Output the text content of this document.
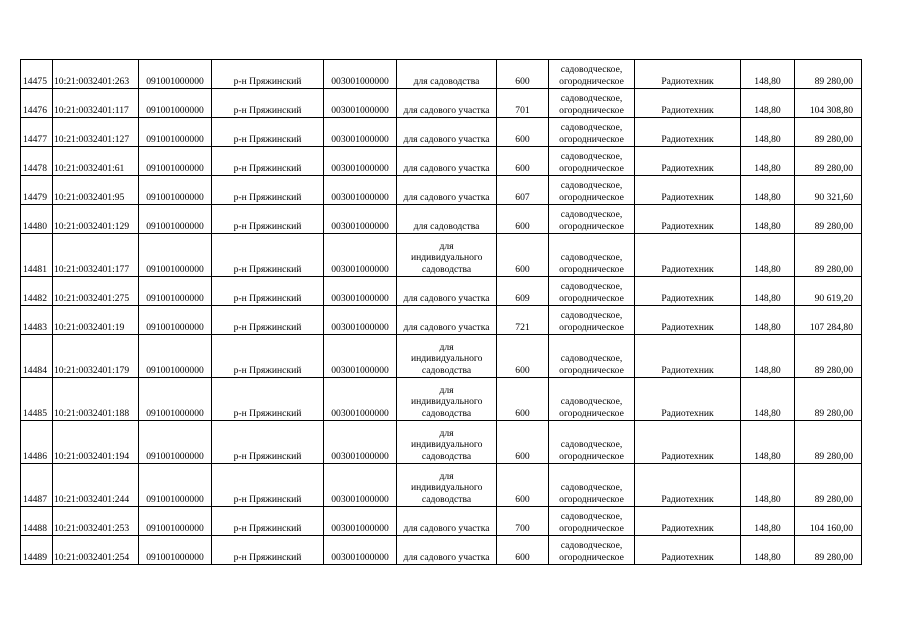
14475	10:21:0032401:263	091001000000	р-н Пряжинский	003001000000	для садоводства	600	садоводческое, огородническое	Радиотехник	148,80	89 280,00
14476	10:21:0032401:117	091001000000	р-н Пряжинский	003001000000	для садового участка	701	садоводческое, огородническое	Радиотехник	148,80	104 308,80
14477	10:21:0032401:127	091001000000	р-н Пряжинский	003001000000	для садового участка	600	садоводческое, огородническое	Радиотехник	148,80	89 280,00
14478	10:21:0032401:61	091001000000	р-н Пряжинский	003001000000	для садового участка	600	садоводческое, огородническое	Радиотехник	148,80	89 280,00
14479	10:21:0032401:95	091001000000	р-н Пряжинский	003001000000	для садового участка	607	садоводческое, огородническое	Радиотехник	148,80	90 321,60
14480	10:21:0032401:129	091001000000	р-н Пряжинский	003001000000	для садоводства	600	садоводческое, огородническое	Радиотехник	148,80	89 280,00
14481	10:21:0032401:177	091001000000	р-н Пряжинский	003001000000	для индивидуального садоводства	600	садоводческое, огородническое	Радиотехник	148,80	89 280,00
14482	10:21:0032401:275	091001000000	р-н Пряжинский	003001000000	для садового участка	609	садоводческое, огородническое	Радиотехник	148,80	90 619,20
14483	10:21:0032401:19	091001000000	р-н Пряжинский	003001000000	для садового участка	721	садоводческое, огородническое	Радиотехник	148,80	107 284,80
14484	10:21:0032401:179	091001000000	р-н Пряжинский	003001000000	для индивидуального садоводства	600	садоводческое, огородническое	Радиотехник	148,80	89 280,00
14485	10:21:0032401:188	091001000000	р-н Пряжинский	003001000000	для индивидуального садоводства	600	садоводческое, огородническое	Радиотехник	148,80	89 280,00
14486	10:21:0032401:194	091001000000	р-н Пряжинский	003001000000	для индивидуального садоводства	600	садоводческое, огородническое	Радиотехник	148,80	89 280,00
14487	10:21:0032401:244	091001000000	р-н Пряжинский	003001000000	для индивидуального садоводства	600	садоводческое, огородническое	Радиотехник	148,80	89 280,00
14488	10:21:0032401:253	091001000000	р-н Пряжинский	003001000000	для садового участка	700	садоводческое, огородническое	Радиотехник	148,80	104 160,00
14489	10:21:0032401:254	091001000000	р-н Пряжинский	003001000000	для садового участка	600	садоводческое, огородническое	Радиотехник	148,80	89 280,00
